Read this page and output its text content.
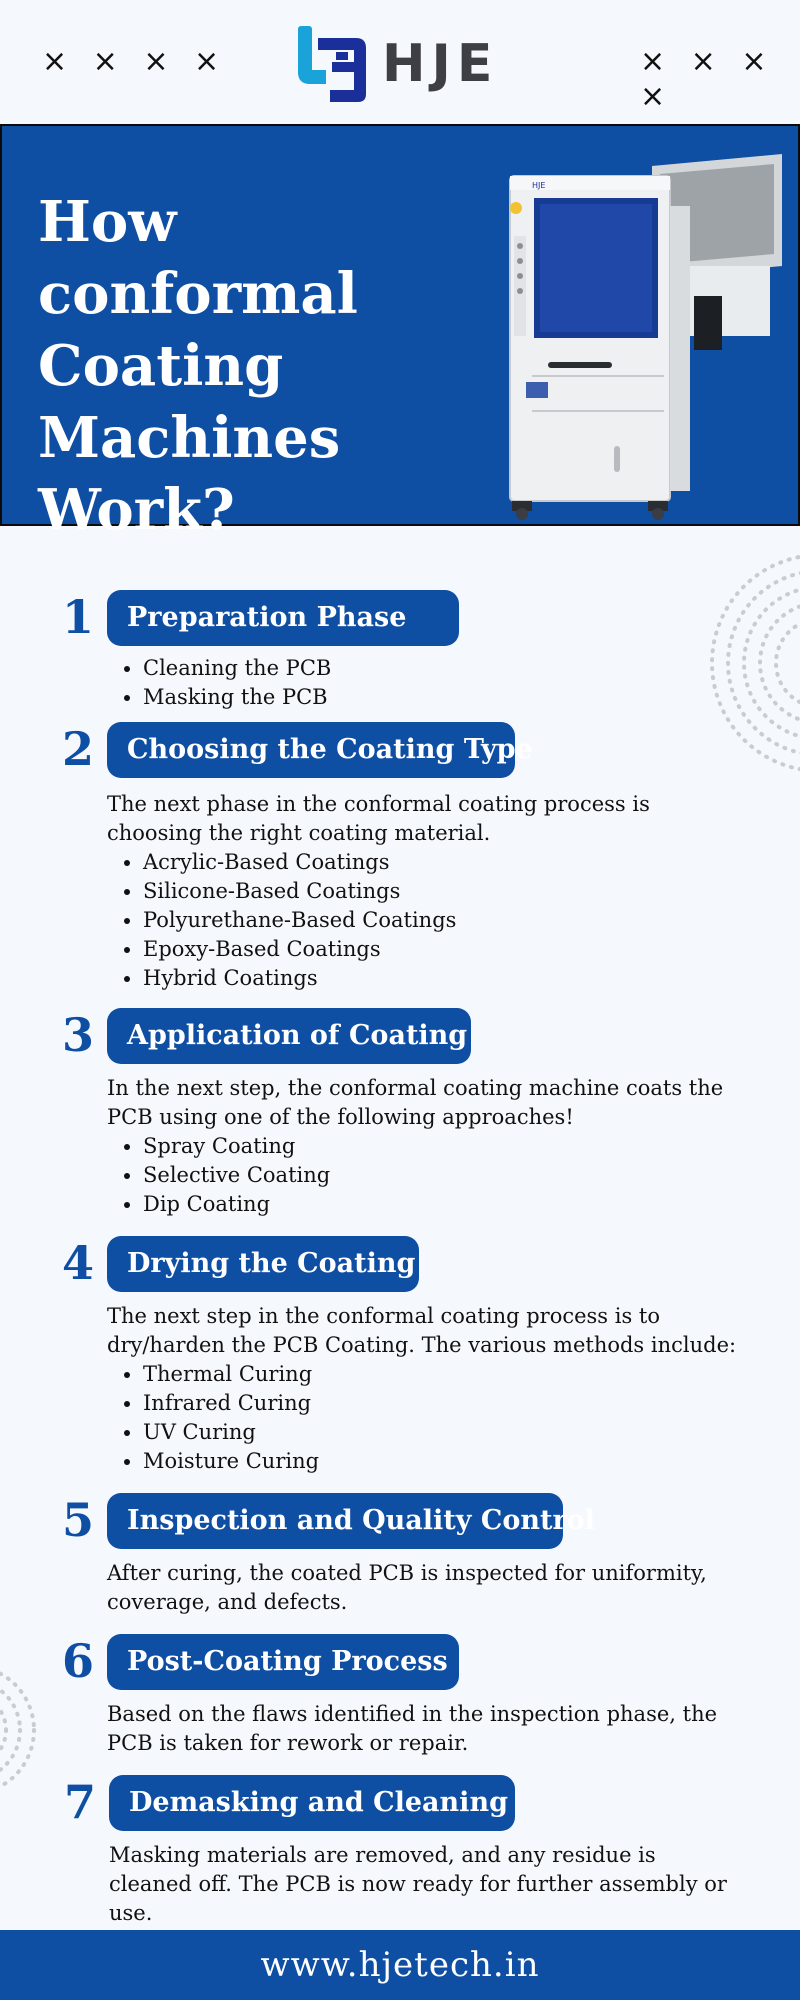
× × × ×	HJE	× × × ×
How conformal Coating Machines Work?
HJE
1	Preparation Phase
• Cleaning the PCB
• Masking the PCB
2	Choosing the Coating Type
The next phase in the conformal coating process is choosing the right coating material.
• Acrylic-Based Coatings
• Silicone-Based Coatings
• Polyurethane-Based Coatings
• Epoxy-Based Coatings
• Hybrid Coatings
3	Application of Coating
In the next step, the conformal coating machine coats the PCB using one of the following approaches!
• Spray Coating
• Selective Coating
• Dip Coating
4	Drying the Coating
The next step in the conformal coating process is to dry/harden the PCB Coating. The various methods include:
• Thermal Curing
• Infrared Curing
• UV Curing
• Moisture Curing
5	Inspection and Quality Control
After curing, the coated PCB is inspected for uniformity, coverage, and defects.
6	Post-Coating Process
Based on the flaws identified in the inspection phase, the PCB is taken for rework or repair.
7	Demasking and Cleaning
Masking materials are removed, and any residue is cleaned off. The PCB is now ready for further assembly or use.
www.hjetech.in
